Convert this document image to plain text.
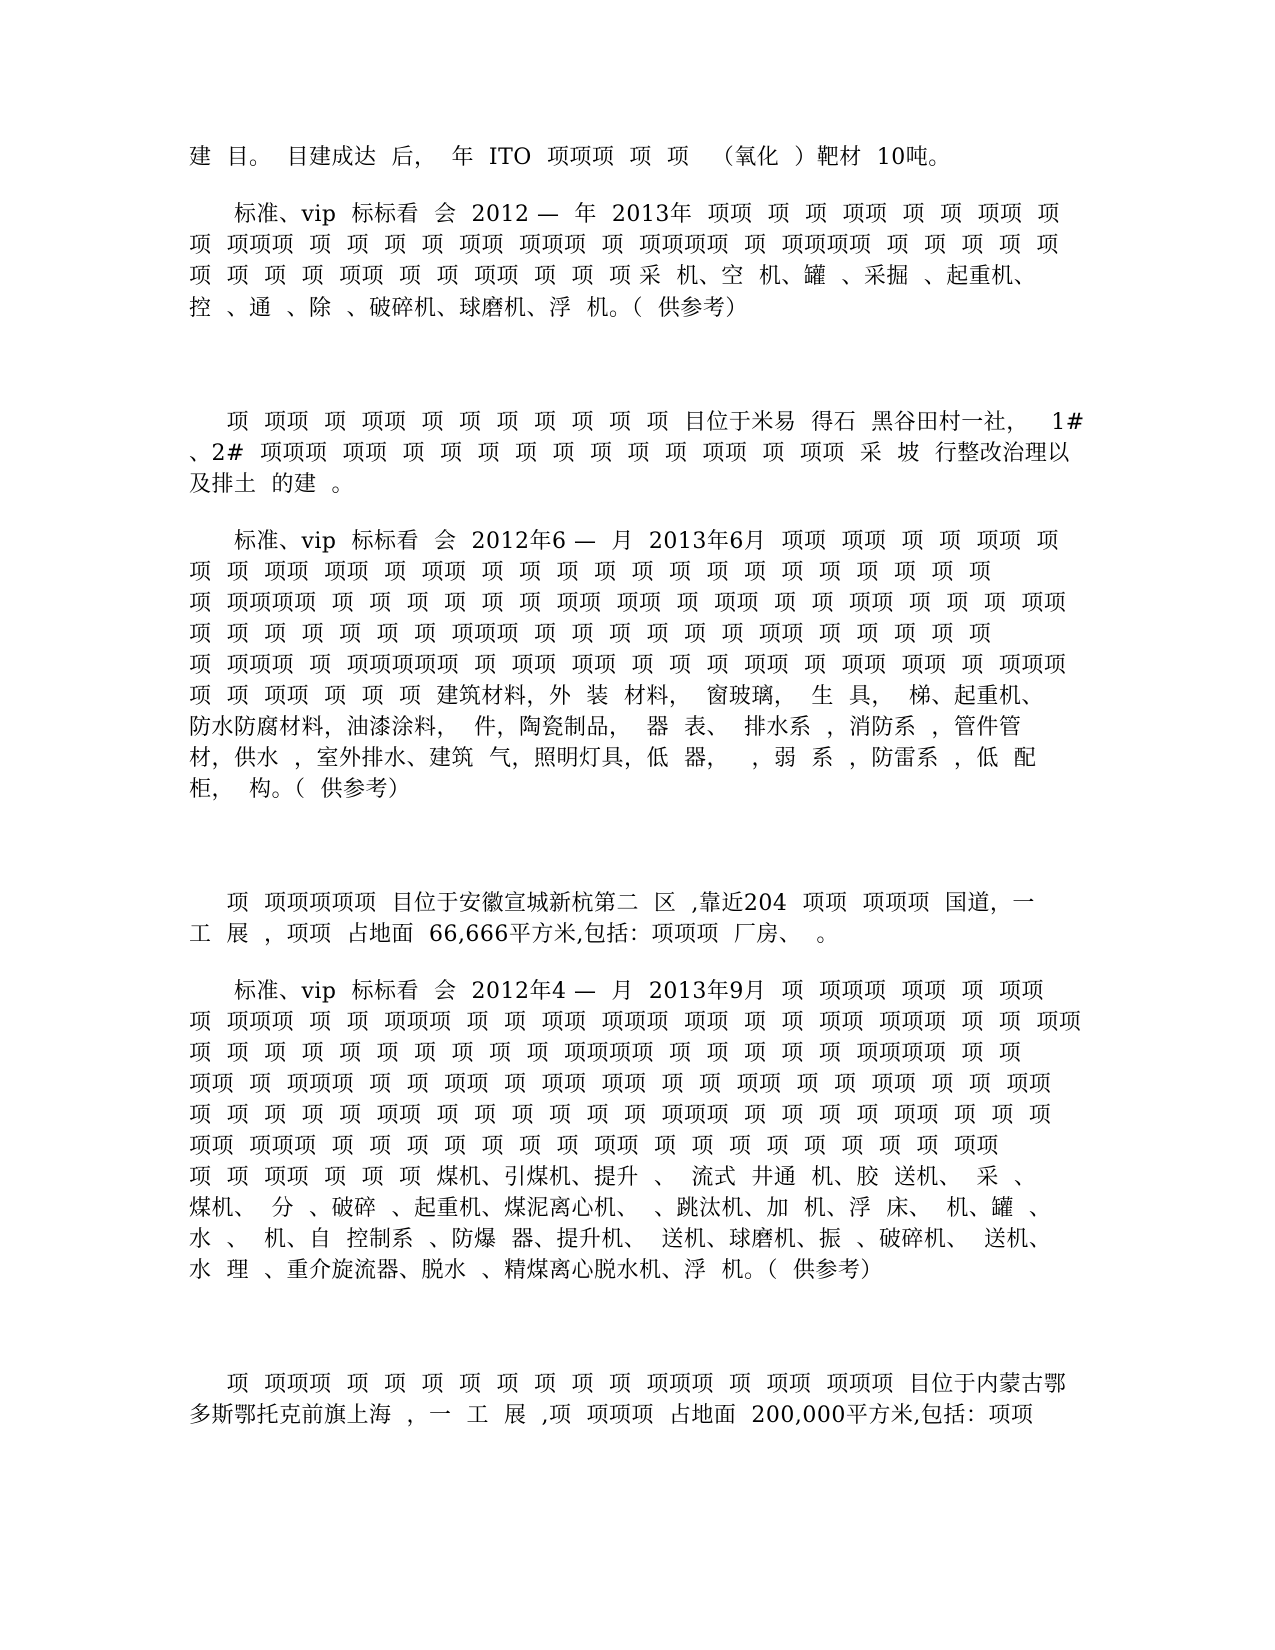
建  目。  目建成达  后，  年  ITO  项项项  项  项   （氧化  ）靶材  10吨。
标准、vip  标标看  会  2012 —  年  2013年  项项  项  项  项项  项  项  项项  项
项  项项项  项  项  项  项  项项  项项项  项  项项项项  项  项项项项  项  项  项  项  项
项  项  项  项  项项  项  项  项项  项  项  项 采  机、空  机、罐  、采掘  、起重机、
控  、通  、除  、破碎机、球磨机、浮  机。（  供参考）
项  项项  项  项项  项  项  项  项  项  项  项  目位于米易  得石  黑谷田村一社，   1#
、2#  项项项  项项  项  项  项  项  项  项  项  项  项项  项  项项  采  坡  行整改治理以
及排土  的建  。
标准、vip  标标看  会  2012年6 —  月  2013年6月  项项  项项  项  项  项项  项
项  项  项项  项项  项  项项  项  项  项  项  项  项  项  项  项  项  项  项  项  项
项  项项项项  项  项  项  项  项  项  项项  项项  项  项项  项  项  项项  项  项  项  项项
项  项  项  项  项  项  项  项项项  项  项  项  项  项  项  项项  项  项  项  项  项
项  项项项  项  项项项项项  项  项项  项项  项  项  项  项项  项  项项  项项  项  项项项
项  项  项项  项  项  项  建筑材料，外  装  材料，  窗玻璃，  生  具，  梯、起重机、
防水防腐材料，油漆涂料，  件，陶瓷制品，  器  表、  排水系  ，消防系  ，管件管
材，供水  ，室外排水、建筑  气，照明灯具，低  器，   ，弱  系  ，防雷系  ，低  配
柜，  构。（  供参考）
项  项项项项项  目位于安徽宣城新杭第二  区  ,靠近204  项项  项项项  国道，一
工  展  ，项项  占地面  66,666平方米,包括：项项项  厂房、  。
标准、vip  标标看  会  2012年4 —  月  2013年9月  项  项项项  项项  项  项项
项  项项项  项  项  项项项  项  项  项项  项项项  项项  项  项  项项  项项项  项  项  项项
项  项  项  项  项  项  项  项  项  项  项项项项  项  项  项  项  项  项项项项  项  项
项项  项  项项项  项  项  项项  项  项项  项项  项  项  项项  项  项  项项  项  项  项项
项  项  项  项  项  项项  项  项  项  项  项  项  项项项  项  项  项  项  项项  项  项  项
项项  项项项  项  项  项  项  项  项  项  项项  项  项  项  项  项  项  项  项  项项
项  项  项项  项  项  项  煤机、引煤机、提升  、  流式  井通  机、胶  送机、  采  、
煤机、  分  、破碎  、起重机、煤泥离心机、  、跳汰机、加  机、浮  床、  机、罐  、
水  、  机、自  控制系  、防爆  器、提升机、  送机、球磨机、振  、破碎机、  送机、
水  理  、重介旋流器、脱水  、精煤离心脱水机、浮  机。（  供参考）
项  项项项  项  项  项  项  项  项  项  项  项项项  项  项项  项项项  目位于内蒙古鄂
多斯鄂托克前旗上海  ，一  工  展  ,项  项项项  占地面  200,000平方米,包括：项项
